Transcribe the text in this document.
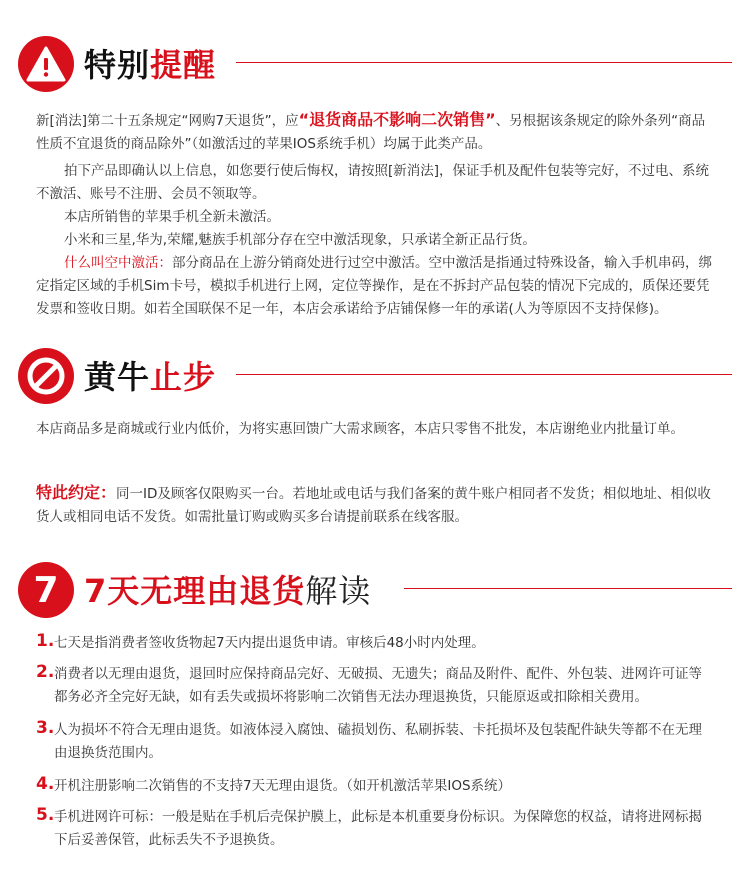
特别提醒
新[消法]第二十五条规定“网购7天退货”，应“退货商品不影响二次销售”、另根据该条规定的除外条列“商品性质不宜退货的商品除外”（如激活过的苹果IOS系统手机）均属于此类产品。
拍下产品即确认以上信息，如您要行使后悔权，请按照[新消法]，保证手机及配件包装等完好，不过电、系统不激活、账号不注册、会员不领取等。
本店所销售的苹果手机全新未激活。
小米和三星,华为,荣耀,魅族手机部分存在空中激活现象，只承诺全新正品行货。
什么叫空中激活：部分商品在上游分销商处进行过空中激活。空中激活是指通过特殊设备，输入手机串码，绑定指定区域的手机Sim卡号，模拟手机进行上网，定位等操作，是在不拆封产品包装的情况下完成的，质保还要凭发票和签收日期。如若全国联保不足一年，本店会承诺给予店铺保修一年的承诺(人为等原因不支持保修)。
黄牛止步
本店商品多是商城或行业内低价，为将实惠回馈广大需求顾客，本店只零售不批发，本店谢绝业内批量订单。
特此约定：同一ID及顾客仅限购买一台。若地址或电话与我们备案的黄牛账户相同者不发货；相似地址、相似收货人或相同电话不发货。如需批量订购或购买多台请提前联系在线客服。
7 7天无理由退货解读
1. 七天是指消费者签收货物起7天内提出退货申请。审核后48小时内处理。
2. 消费者以无理由退货，退回时应保持商品完好、无破损、无遗失；商品及附件、配件、外包装、进网许可证等都务必齐全完好无缺，如有丢失或损坏将影响二次销售无法办理退换货，只能原返或扣除相关费用。
3. 人为损坏不符合无理由退货。如液体浸入腐蚀、磕损划伤、私刷拆装、卡托损坏及包装配件缺失等都不在无理由退换货范围内。
4. 开机注册影响二次销售的不支持7天无理由退货。（如开机激活苹果IOS系统）
5. 手机进网许可标：一般是贴在手机后壳保护膜上，此标是本机重要身份标识。为保障您的权益，请将进网标揭下后妥善保管，此标丢失不予退换货。
